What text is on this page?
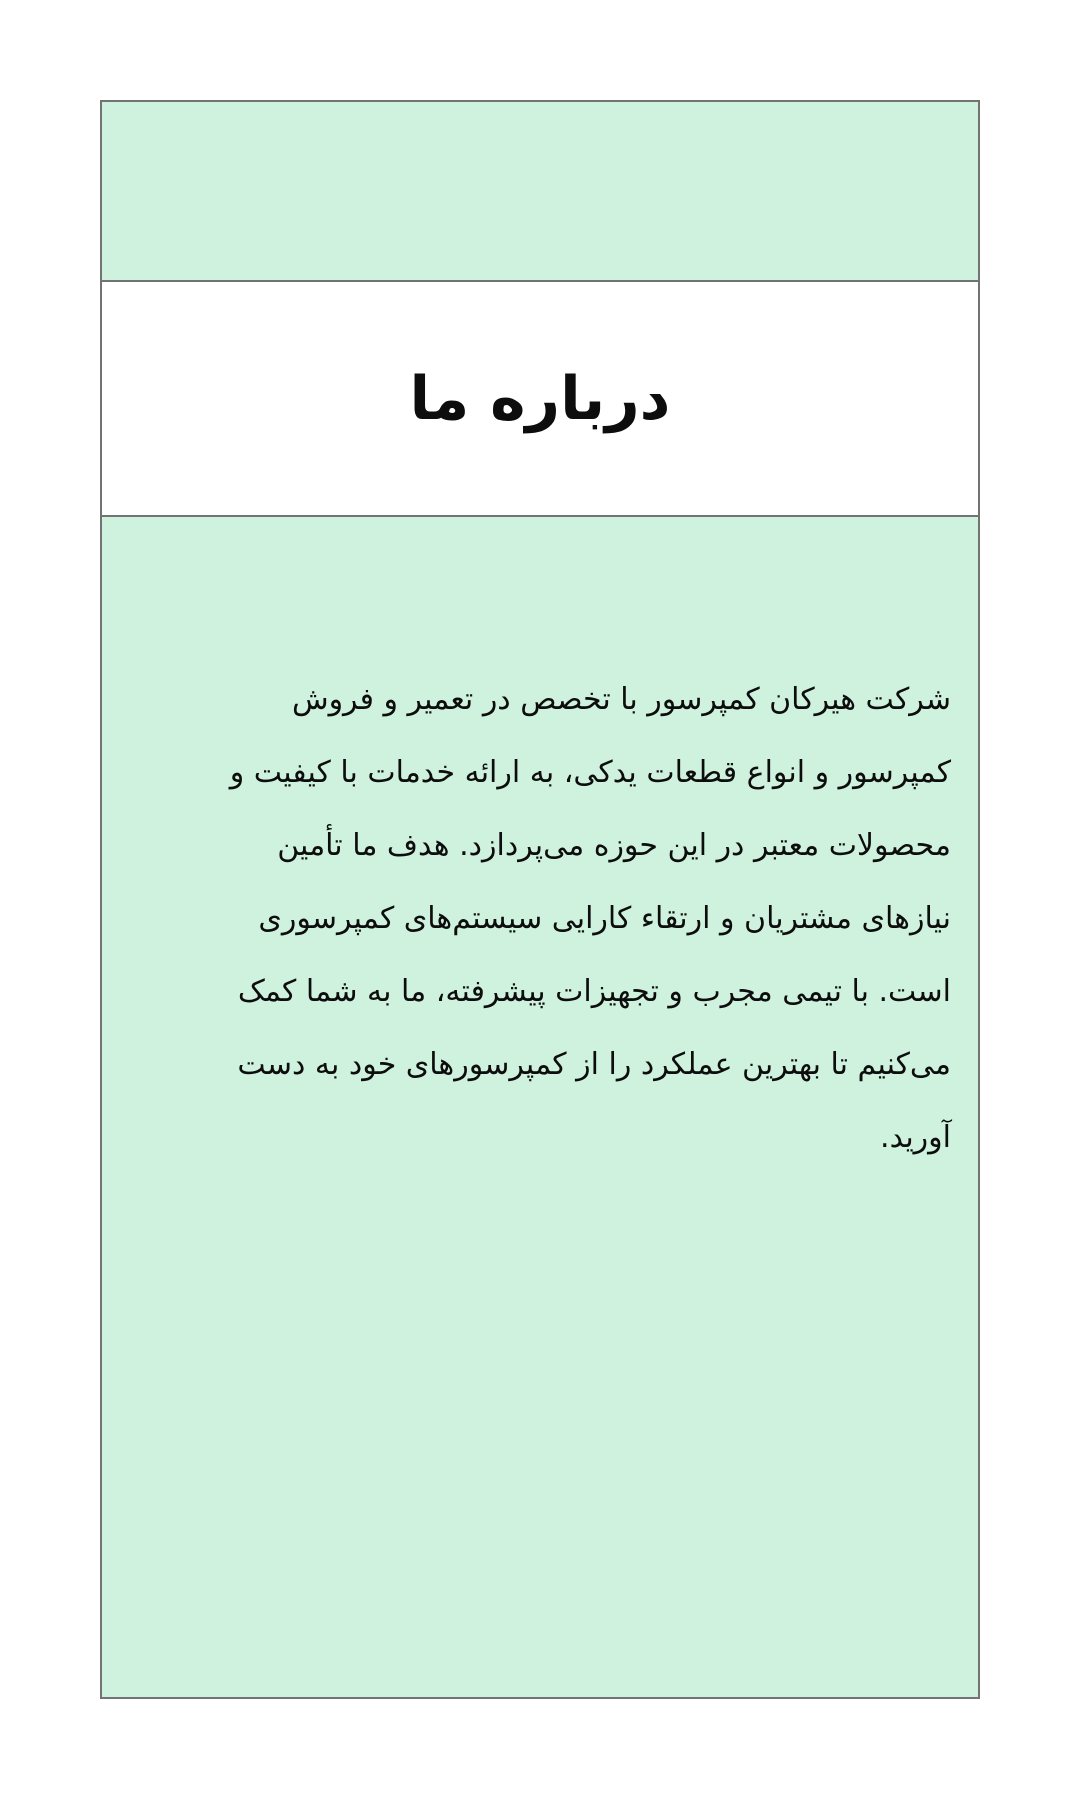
درباره ما
شرکت هیرکان کمپرسور با تخصص در تعمیر و فروش
کمپرسور و انواع قطعات یدکی، به ارائه خدمات با کیفیت و
محصولات معتبر در این حوزه می‌پردازد. هدف ما تأمین
نیازهای مشتریان و ارتقاء کارایی سیستم‌های کمپرسوری
است. با تیمی مجرب و تجهیزات پیشرفته، ما به شما کمک
می‌کنیم تا بهترین عملکرد را از کمپرسورهای خود به دست
آورید.
